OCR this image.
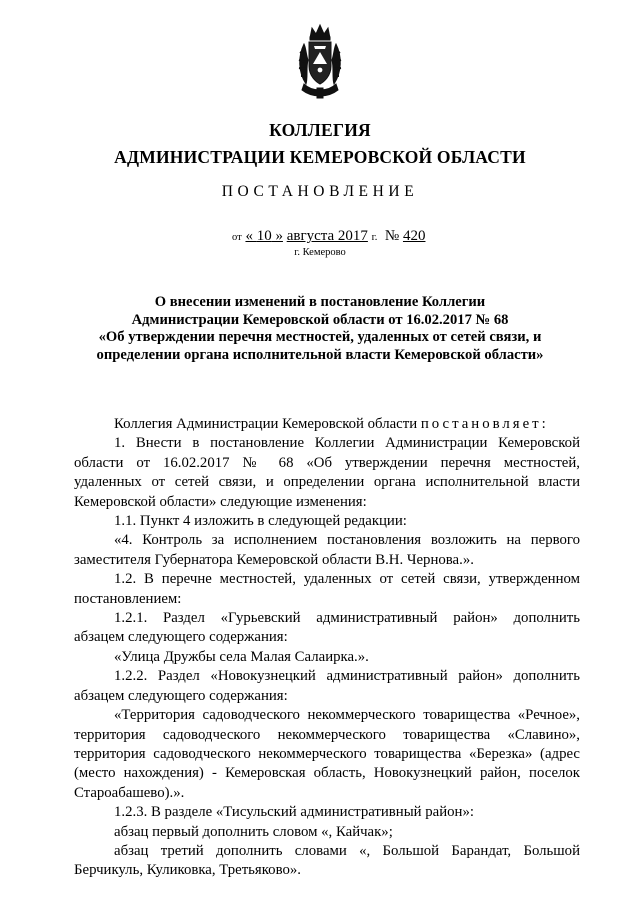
КОЛЛЕГИЯ
АДМИНИСТРАЦИИ КЕМЕРОВСКОЙ ОБЛАСТИ
ПОСТАНОВЛЕНИЕ
от « 10 » августа 2017 г. № 420
г. Кемерово
О внесении изменений в постановление Коллегии
Администрации Кемеровской области от 16.02.2017 № 68
«Об утверждении перечня местностей, удаленных от сетей связи, и
определении органа исполнительной власти Кемеровской области»
Коллегия Администрации Кемеровской области постановляет:
1. Внести в постановление Коллегии Администрации Кемеровской
области от 16.02.2017 № 68 «Об утверждении перечня местностей,
удаленных от сетей связи, и определении органа исполнительной власти
Кемеровской области» следующие изменения:
1.1. Пункт 4 изложить в следующей редакции:
«4. Контроль за исполнением постановления возложить на первого
заместителя Губернатора Кемеровской области В.Н. Чернова.».
1.2. В перечне местностей, удаленных от сетей связи, утвержденном
постановлением:
1.2.1. Раздел «Гурьевский административный район» дополнить
абзацем следующего содержания:
«Улица Дружбы села Малая Салаирка.».
1.2.2. Раздел «Новокузнецкий административный район» дополнить
абзацем следующего содержания:
«Территория садоводческого некоммерческого товарищества «Речное»,
территория садоводческого некоммерческого товарищества «Славино»,
территория садоводческого некоммерческого товарищества «Березка» (адрес
(место нахождения) - Кемеровская область, Новокузнецкий район, поселок
Староабашево).».
1.2.3. В разделе «Тисульский административный район»:
абзац первый дополнить словом «, Кайчак»;
абзац третий дополнить словами «, Большой Барандат, Большой
Берчикуль, Куликовка, Третьяково».
